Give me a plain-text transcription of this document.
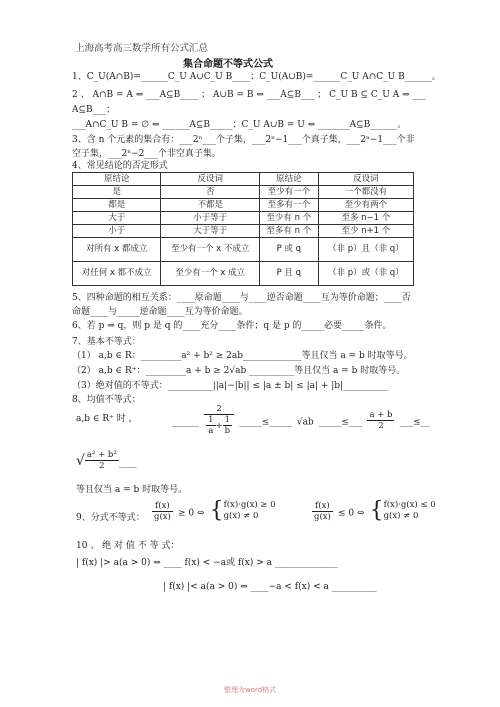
上海高考高三数学所有公式汇总
集合命题不等式公式
1、C_U(A∩B)=______C_U A∪C_U B____；C_U(A∪B)=______C_U A∩C_U B______。
2 、 A∩B = A ⇔ ___A⊆B____ ； A∪B = B ⇔ ___A⊆B___ ； C_U B ⊆ C_U A ⇔ ___
A⊆B___；
___A∩C_U B = ∅ ⇔ ______A⊆B_____；C_U A∪B = U ⇔ _______A⊆B______。
3、含 n 个元素的集合有：___2ⁿ___个子集，___2ⁿ−1___个真子集，___2ⁿ−1___个非
空子集，___2ⁿ−2___个非空真子集。
4、常见结论的否定形式
原结论	反设词	原结论	反设词
是	否	至少有一个	一个都没有
都是	不都是	至多有一个	至少有两个
大于	小于等于	至少有 n 个	至多 n−1 个
小于	大于等于	至多有 n 个	至少 n+1 个
对所有 x 都成立	至少有一个 x 不成立	P 或 q	（非 p）且（非 q）
对任何 x 都不成立	至少有一个 x 成立	P 且 q	（非 p）或（非 q）
5、四种命题的相互关系：____原命题____与____逆否命题____互为等价命题；____否
命题____与_____逆命题____互为等价命题。
6、若 p ⇒ q，则 p 是 q 的____充分____条件；q 是 p 的_____必要_____条件。
7、基本不等式：
（1） a,b ∈ R：_________a² + b² ≥ 2ab_____________等且仅当 a = b 时取等号。
（2） a,b ∈ R⁺：_________a + b ≥ 2√ab __________等且仅当 a = b 时取等号。
（3）绝对值的不等式：__________||a|−|b|| ≤ |a ± b| ≤ |a| + |b|__________
8、均值不等式：
a,b ∈ R⁺ 时 ，	______ $\frac{2}{\frac{1}{a} + \frac{1}{b}}$ _____≤_____ √ab _____≤___ $\frac{a + b}{2}$ ___≤__
√ $\frac{\text{a² + b²}}{2}$ ____
等且仅当 a = b 时取等号。
9、分式不等式： $\frac{f(x)}{g(x)} \ge 0$ ⇔ { f(x)·g(x) ≥ 0
g(x) ≠ 0	$\frac{f(x)}{g(x)} \le 0$ ⇔ { f(x)·g(x) ≤ 0
g(x) ≠ 0
10 、 绝 对 值 不 等 式：
| f(x) |> a(a > 0) ⇔ ____ f(x) < −a或 f(x) > a ______________
| f(x) |< a(a > 0) ⇔ ____−a < f(x) < a __________
整理为word格式
